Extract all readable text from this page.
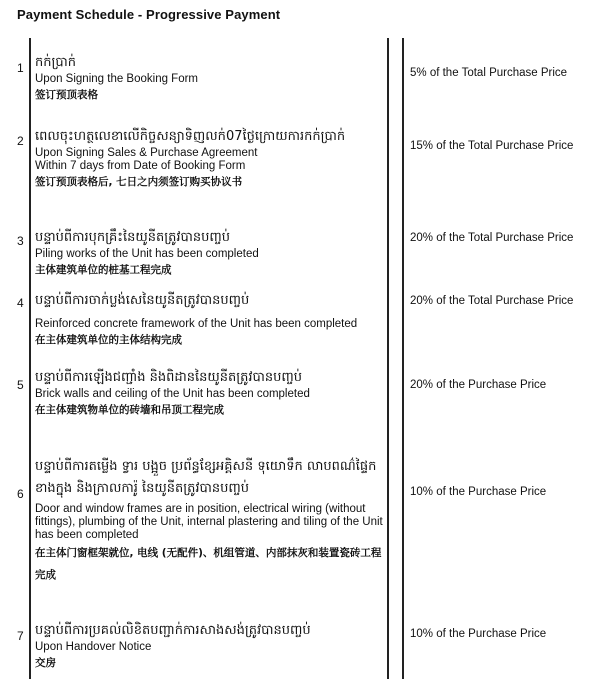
Payment Schedule - Progressive Payment
1 កក់ប្រាក់
Upon Signing the Booking Form
签订预顶表格
5% of the Total Purchase Price
2 ពេលចុះហត្ថលេខាលើកិច្ចសន្យាទិញលក់07ថ្ងៃក្រោយការកក់ប្រាក់
Upon Signing Sales & Purchase Agreement
Within 7 days from Date of Booking Form
签订预顶表格后, 七日之内须签订购买协议书
15% of the Total Purchase Price
3 បន្ទាប់ពីការបុកគ្រឹះនៃយូនីតត្រូវបានបញ្ចប់
Piling works of the Unit has been completed
主体建筑单位的桩基工程完成
20% of the Total Purchase Price
4 បន្ទាប់ពីការចាក់ប្លង់សេនៃយូនីតត្រូវបានបញ្ចប់
Reinforced concrete framework of the Unit has been completed
在主体建筑单位的主体结构完成
20% of the Total Purchase Price
5 បន្ទាប់ពីការឡើងជញ្ជាំង និងពិដាននៃយូនីតត្រូវបានបញ្ចប់
Brick walls and ceiling of the Unit has been completed
在主体建筑物单位的砖墙和吊顶工程完成
20% of the Purchase Price
6
បន្ទាប់ពីការតម្លើង ទ្វារ បង្អួច ប្រព័ន្ធខ្សែអគ្គិសនី ទុយោទឹក លាបពណ៌ផ្ទៃកខាងក្នុង និងក្រាលការ៉ូ នៃយូនីតត្រូវបានបញ្ចប់
Door and window frames are in position, electrical wiring (without fittings), plumbing of the Unit, internal plastering and tiling of the Unit has been completed
在主体门窗框架就位, 电线 (无配件)、机组管道、内部抹灰和装置瓷砖工程完成
10% of the Purchase Price
7 បន្ទាប់ពីការប្រគល់លិខិតបញ្ជាក់ការសាងសង់ត្រូវបានបញ្ចប់
Upon Handover Notice
交房
10% of the Purchase Price
